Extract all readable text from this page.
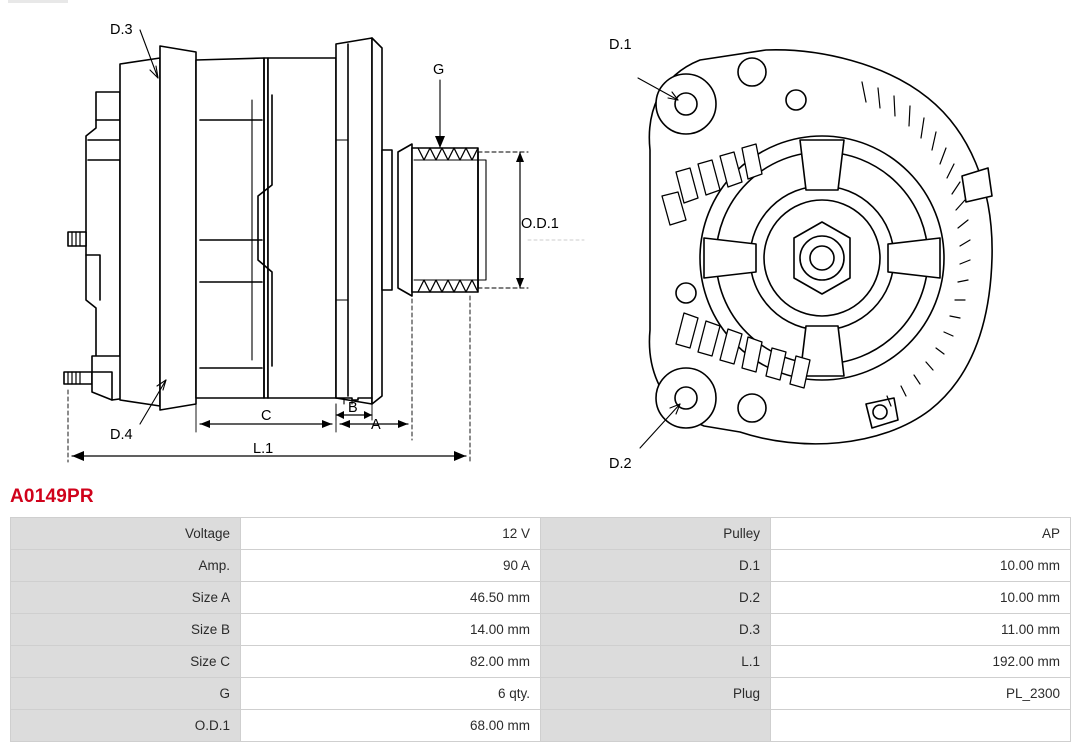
D.3
D.4
G
O.D.1
A
B
C
L.1
D.1
D.2
A0149PR
Voltage	12 V	Pulley	AP
Amp.	90 A	D.1	10.00 mm
Size A	46.50 mm	D.2	10.00 mm
Size B	14.00 mm	D.3	11.00 mm
Size C	82.00 mm	L.1	192.00 mm
G	6 qty.	Plug	PL_2300
O.D.1	68.00 mm		
